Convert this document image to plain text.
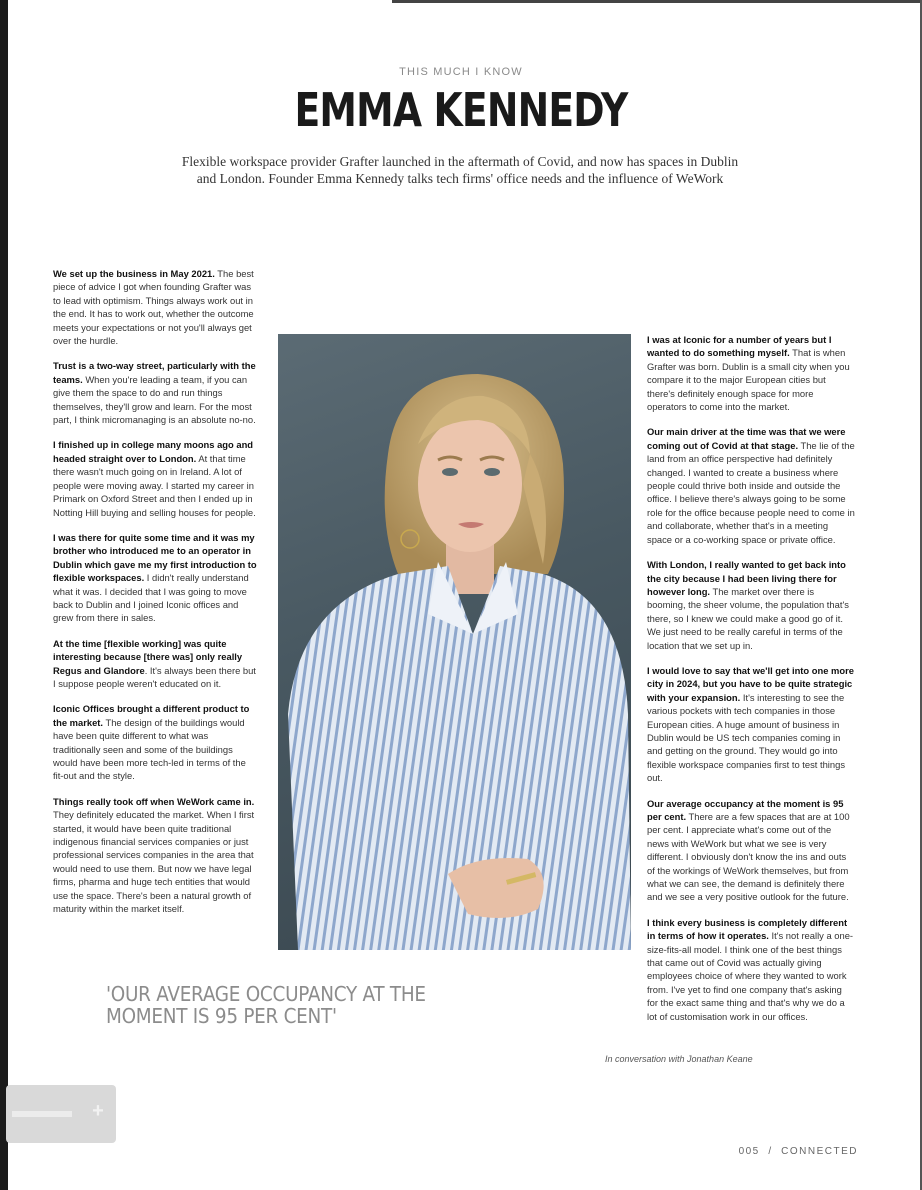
THIS MUCH I KNOW
EMMA KENNEDY
Flexible workspace provider Grafter launched in the aftermath of Covid, and now has spaces in Dublin and London. Founder Emma Kennedy talks tech firms' office needs and the influence of WeWork

We set up the business in May 2021. The best piece of advice I got when founding Grafter was to lead with optimism. Things always work out in the end. It has to work out, whether the outcome meets your expectations or not you'll always get over the hurdle.

Trust is a two-way street, particularly with the teams. When you're leading a team, if you can give them the space to do and run things themselves, they'll grow and learn. For the most part, I think micromanaging is an absolute no-no.

I finished up in college many moons ago and headed straight over to London. At that time there wasn't much going on in Ireland. A lot of people were moving away. I started my career in Primark on Oxford Street and then I ended up in Notting Hill buying and selling houses for people.

I was there for quite some time and it was my brother who introduced me to an operator in Dublin which gave me my first introduction to flexible workspaces. I didn't really understand what it was. I decided that I was going to move back to Dublin and I joined Iconic offices and grew from there in sales.

At the time [flexible working] was quite interesting because [there was] only really Regus and Glandore. It's always been there but I suppose people weren't educated on it.

Iconic Offices brought a different product to the market. The design of the buildings would have been quite different to what was traditionally seen and some of the buildings would have been more tech-led in terms of the fit-out and the style.

Things really took off when WeWork came in. They definitely educated the market. When I first started, it would have been quite traditional indigenous financial services companies or just professional services companies in the area that would need to use them. But now we have legal firms, pharma and huge tech entities that would use the space. There's been a natural growth of maturity within the market itself.

I was at Iconic for a number of years but I wanted to do something myself. That is when Grafter was born. Dublin is a small city when you compare it to the major European cities but there's definitely enough space for more operators to come into the market.

Our main driver at the time was that we were coming out of Covid at that stage. The lie of the land from an office perspective had definitely changed. I wanted to create a business where people could thrive both inside and outside the office. I believe there's always going to be some role for the office because people need to come in and collaborate, whether that's in a meeting space or a co-working space or private office.

With London, I really wanted to get back into the city because I had been living there for however long. The market over there is booming, the sheer volume, the population that's there, so I knew we could make a good go of it. We just need to be really careful in terms of the location that we set up in.

I would love to say that we'll get into one more city in 2024, but you have to be quite strategic with your expansion. It's interesting to see the various pockets with tech companies in those European cities. A huge amount of business in Dublin would be US tech companies coming in and getting on the ground. They would go into flexible workspace companies first to test things out.

Our average occupancy at the moment is 95 per cent. There are a few spaces that are at 100 per cent. I appreciate what's come out of the news with WeWork but what we see is very different. I obviously don't know the ins and outs of the workings of WeWork themselves, but from what we can see, the demand is definitely there and we see a very positive outlook for the future.

I think every business is completely different in terms of how it operates. It's not really a one-size-fits-all model. I think one of the best things that came out of Covid was actually giving employees choice of where they wanted to work from. I've yet to find one company that's asking for the exact same thing and that's why we do a lot of customisation work in our offices.

'OUR AVERAGE OCCUPANCY AT THE MOMENT IS 95 PER CENT'
In conversation with Jonathan Keane
+
005 / CONNECTED
